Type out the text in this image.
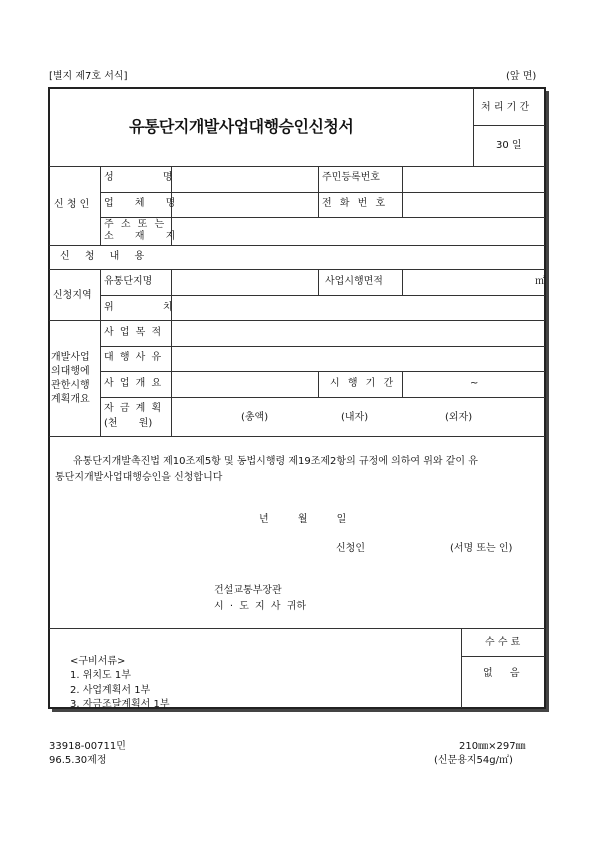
[별지 제7호 서식]	(앞 면)
유통단지개발사업대행승인신청서
처 리 기 간
30 일
신 청 인
성 명	주민등록번호
업 체 명	전 화 번 호
주 소 또 는
소 재 지
신 청 내 용
신청지역
유통단지명	사업시행면적	㎡
위 치
개발사업
의대행에
관한시행
계획개요
사 업 목 적
대 행 사 유
사 업 개 요	시 행 기 간	~
자 금 계 획
(천 원)
(총액)	(내자)	(외자)
유통단지개발촉진법 제10조제5항 및 동법시행령 제19조제2항의 규정에 의하여 위와 같이 유
통단지개발사업대행승인을 신청합니다
년 월 일
신청인	(서명 또는 인)
건설교통부장관
시 · 도 지 사 귀하
<구비서류>
1. 위치도 1부
2. 사업계획서 1부
3. 자금조달계획서 1부
수 수 료
없 음
33918-00711민
96.5.30제정
210㎜×297㎜
(신문용지54g/㎡)
